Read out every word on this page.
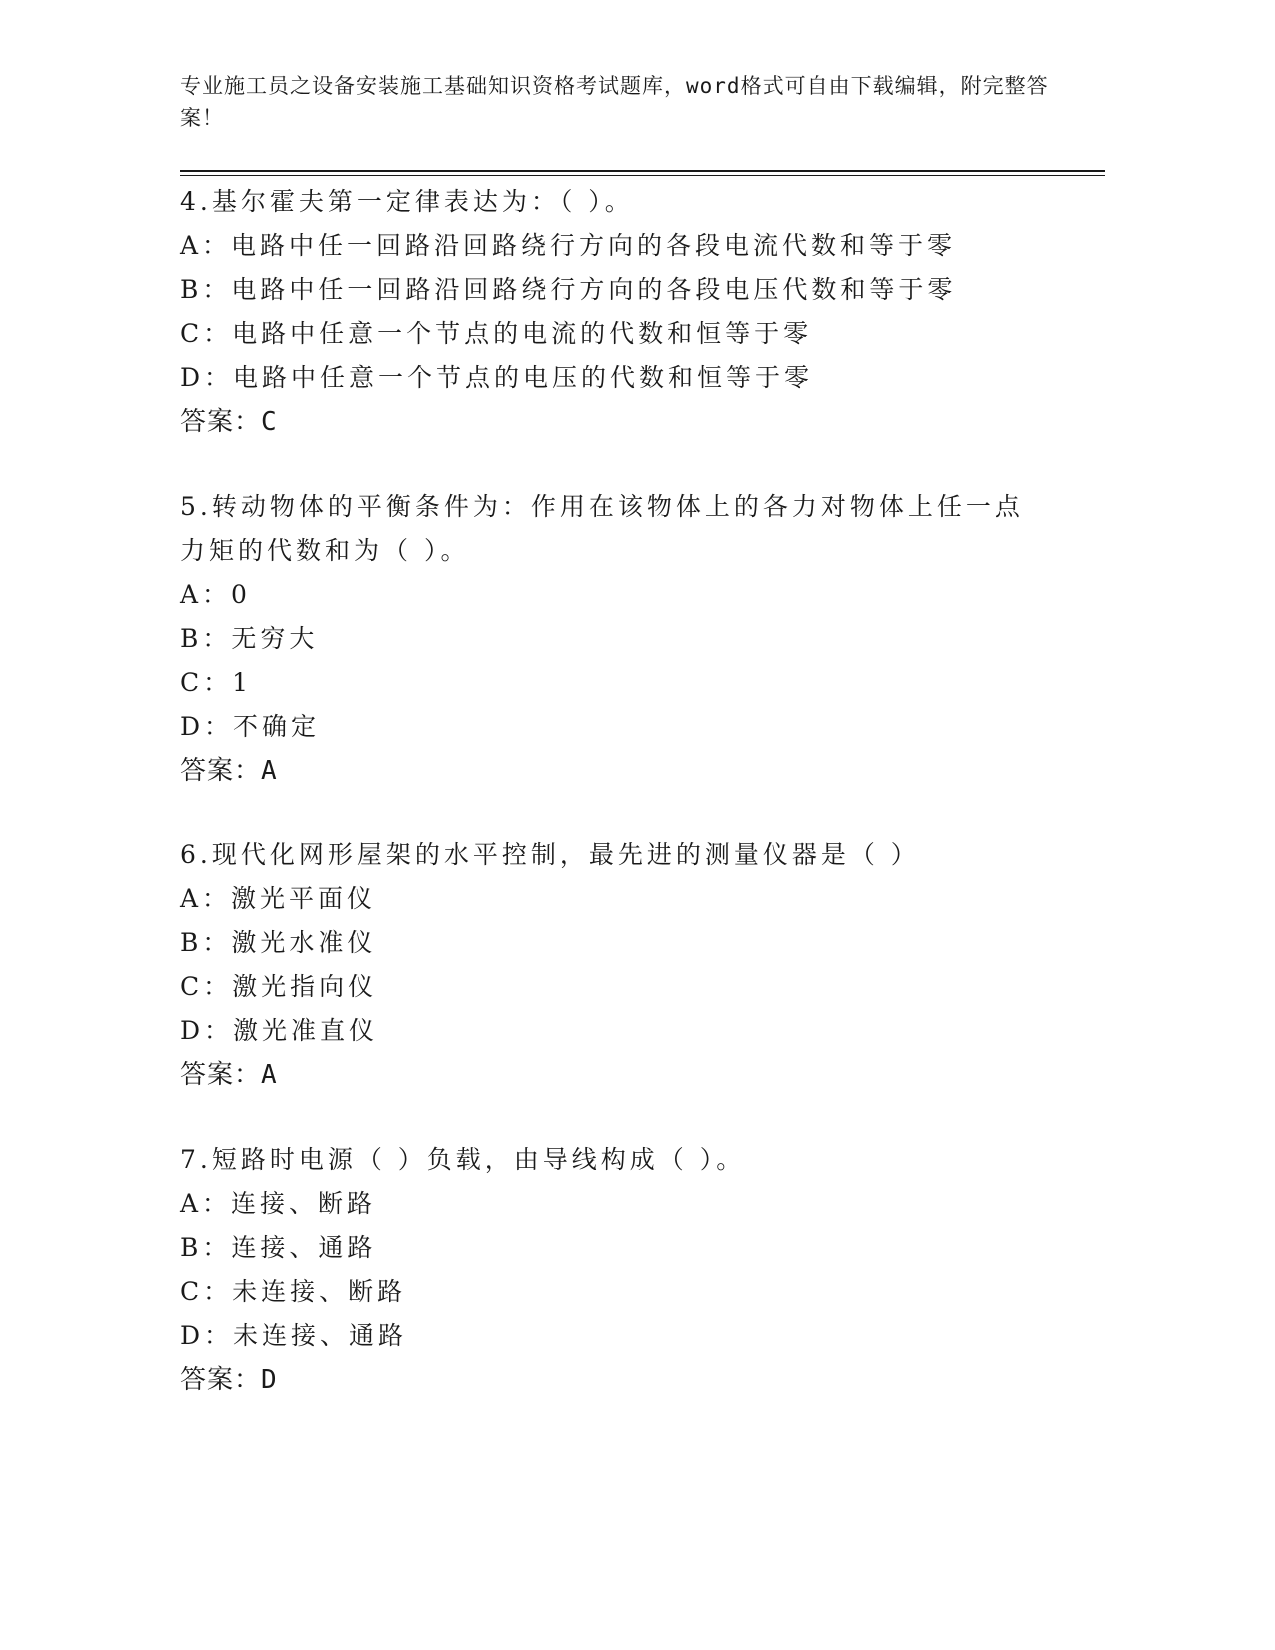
专业施工员之设备安装施工基础知识资格考试题库，word格式可自由下载编辑，附完整答案！
4.基尔霍夫第一定律表达为：（ ）。
A：电路中任一回路沿回路绕行方向的各段电流代数和等于零
B：电路中任一回路沿回路绕行方向的各段电压代数和等于零
C：电路中任意一个节点的电流的代数和恒等于零
D：电路中任意一个节点的电压的代数和恒等于零
答案：C
5.转动物体的平衡条件为：作用在该物体上的各力对物体上任一点力矩的代数和为（ ）。
A：0
B：无穷大
C：1
D：不确定
答案：A
6.现代化网形屋架的水平控制，最先进的测量仪器是（ ）
A：激光平面仪
B：激光水准仪
C：激光指向仪
D：激光准直仪
答案：A
7.短路时电源（ ）负载，由导线构成（ ）。
A：连接、断路
B：连接、通路
C：未连接、断路
D：未连接、通路
答案：D
